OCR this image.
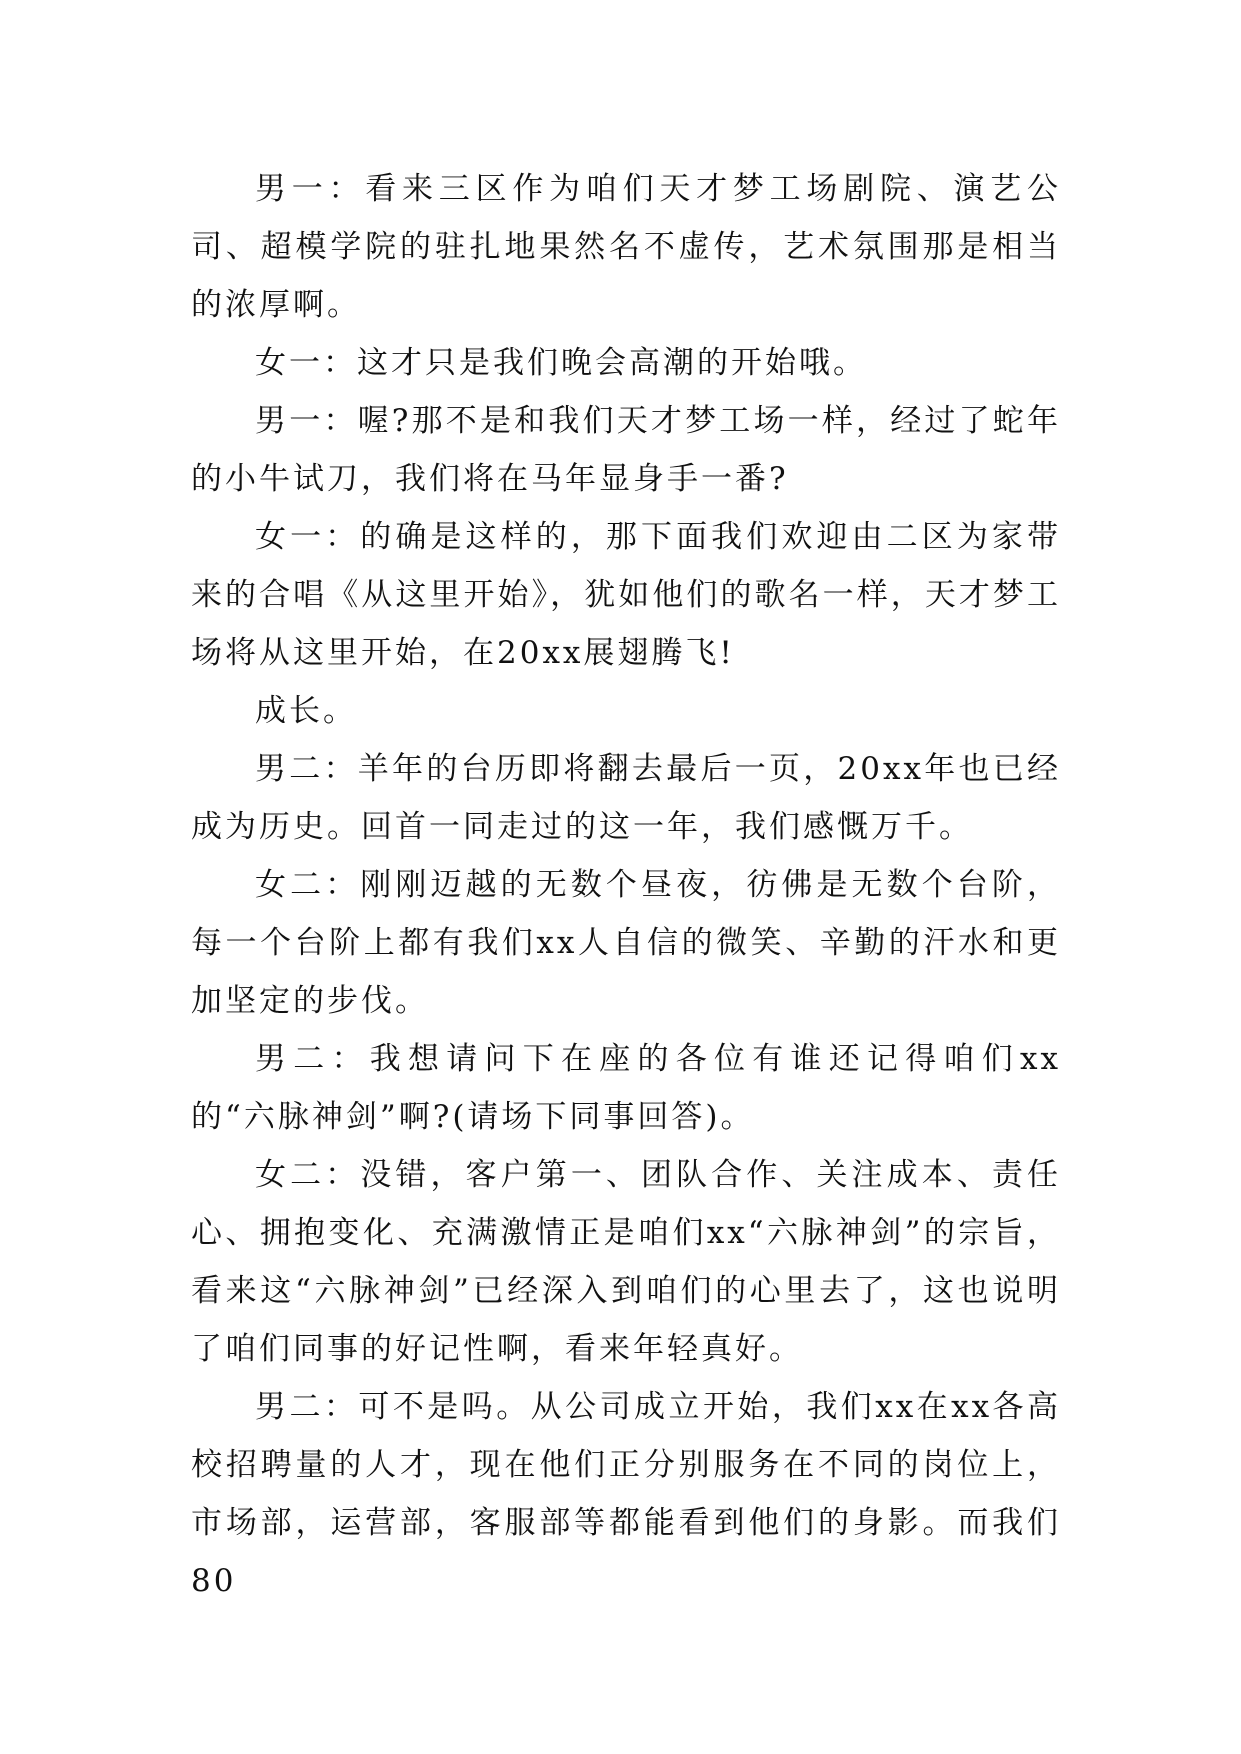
男一：看来三区作为咱们天才梦工场剧院、演艺公司、超模学院的驻扎地果然名不虚传，艺术氛围那是相当的浓厚啊。

女一：这才只是我们晚会高潮的开始哦。

男一：喔?那不是和我们天才梦工场一样，经过了蛇年的小牛试刀，我们将在马年显身手一番?

女一：的确是这样的，那下面我们欢迎由二区为家带来的合唱《从这里开始》，犹如他们的歌名一样，天才梦工场将从这里开始，在20xx展翅腾飞!

成长。

男二：羊年的台历即将翻去最后一页，20xx年也已经成为历史。回首一同走过的这一年，我们感慨万千。

女二：刚刚迈越的无数个昼夜，彷佛是无数个台阶，每一个台阶上都有我们xx人自信的微笑、辛勤的汗水和更加坚定的步伐。

男二：我想请问下在座的各位有谁还记得咱们xx的“六脉神剑”啊?(请场下同事回答)。

女二：没错，客户第一、团队合作、关注成本、责任心、拥抱变化、充满激情正是咱们xx“六脉神剑”的宗旨，看来这“六脉神剑”已经深入到咱们的心里去了，这也说明了咱们同事的好记性啊，看来年轻真好。

男二：可不是吗。从公司成立开始，我们xx在xx各高校招聘量的人才，现在他们正分别服务在不同的岗位上，市场部，运营部，客服部等都能看到他们的身影。而我们80
